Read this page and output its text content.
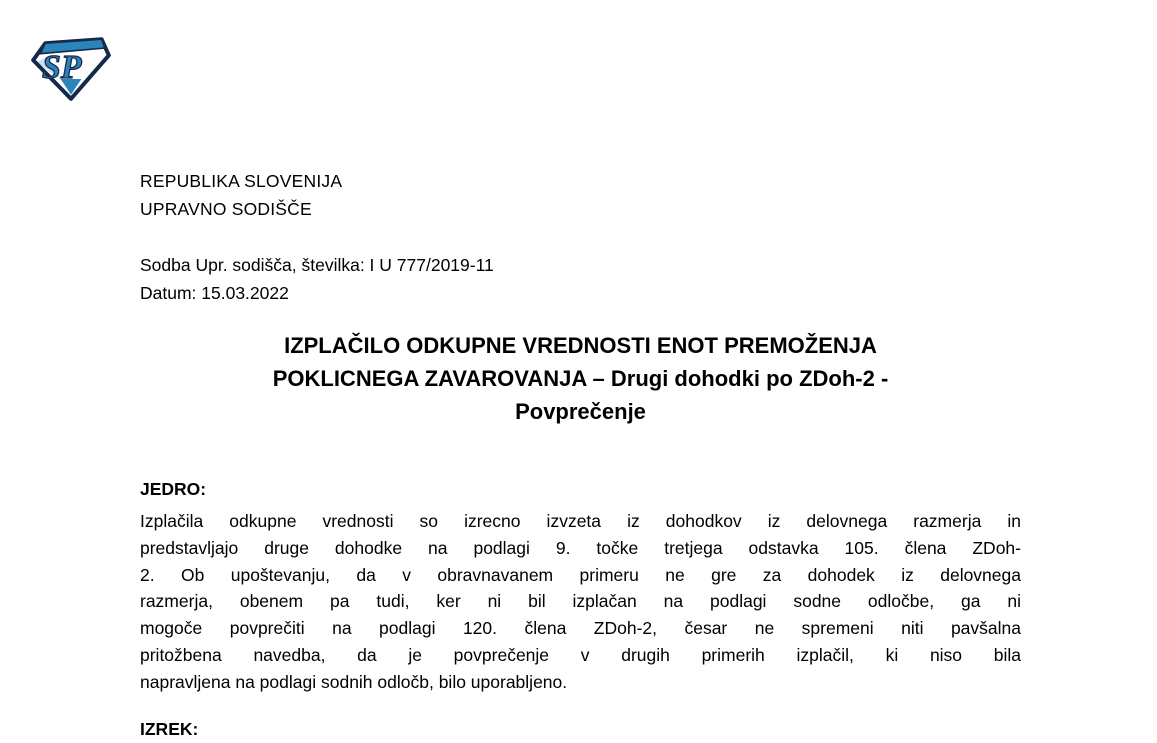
SP
REPUBLIKA SLOVENIJA
UPRAVNO SODIŠČE
Sodba Upr. sodišča, številka: I U 777/2019-11
Datum: 15.03.2022
IZPLAČILO ODKUPNE VREDNOSTI ENOT PREMOŽENJA
POKLICNEGA ZAVAROVANJA – Drugi dohodki po ZDoh-2 -
Povprečenje
JEDRO:
Izplačila odkupne vrednosti so izrecno izvzeta iz dohodkov iz delovnega razmerja in
predstavljajo druge dohodke na podlagi 9. točke tretjega odstavka 105. člena ZDoh-
2. Ob upoštevanju, da v obravnavanem primeru ne gre za dohodek iz delovnega
razmerja, obenem pa tudi, ker ni bil izplačan na podlagi sodne odločbe, ga ni
mogoče povprečiti na podlagi 120. člena ZDoh-2, česar ne spremeni niti pavšalna
pritožbena navedba, da je povprečenje v drugih primerih izplačil, ki niso bila
napravljena na podlagi sodnih odločb, bilo uporabljeno.
IZREK:
